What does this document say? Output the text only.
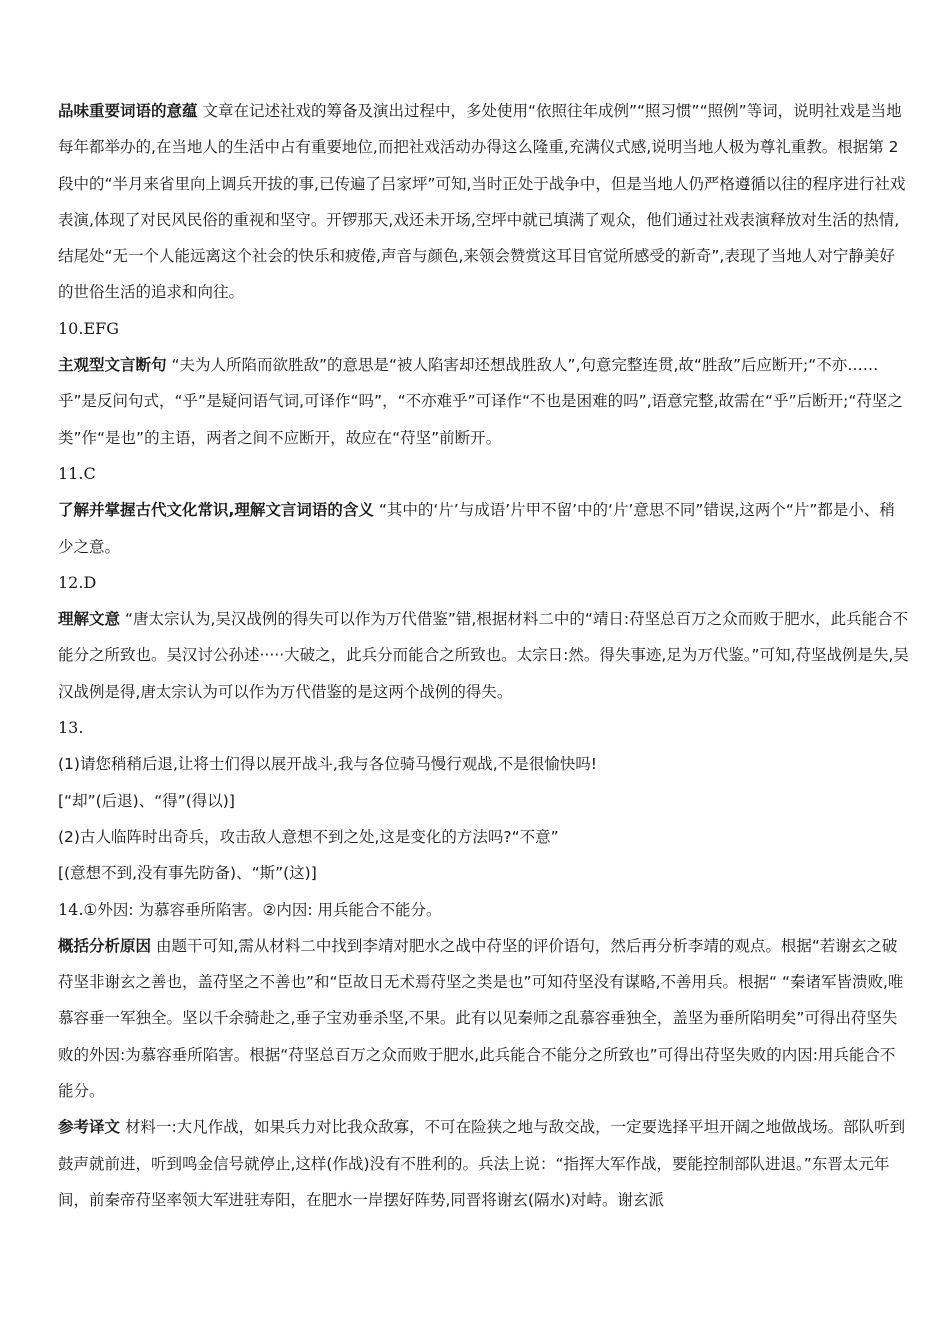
品味重要词语的意蕴 文章在记述社戏的筹备及演出过程中，多处使用“依照往年成例”“照习惯”“照例”等词，说明社戏是当地每年都举办的,在当地人的生活中占有重要地位,而把社戏活动办得这么隆重,充满仪式感,说明当地人极为尊礼重教。根据第 2 段中的“半月来省里向上调兵开拔的事,已传遍了吕家坪”可知,当时正处于战争中，但是当地人仍严格遵循以往的程序进行社戏表演,体现了对民风民俗的重视和坚守。开锣那天,戏还未开场,空坪中就已填满了观众，他们通过社戏表演释放对生活的热情,结尾处“无一个人能远离这个社会的快乐和疲倦,声音与颜色,来领会赞赏这耳目官觉所感受的新奇”,表现了当地人对宁静美好的世俗生活的追求和向往。

10.EFG

主观型文言断句 “夫为人所陷而欲胜敌”的意思是“被人陷害却还想战胜敌人”,句意完整连贯,故“胜敌”后应断开;“不亦……乎”是反问句式，“乎”是疑问语气词,可译作“吗”，“不亦难乎”可译作“不也是困难的吗”,语意完整,故需在“乎”后断开;“苻坚之类”作“是也”的主语，两者之间不应断开，故应在“苻坚”前断开。

11.C

了解并掌握古代文化常识,理解文言词语的含义 “其中的‘片’与成语’片甲不留’中的‘片’意思不同”错误,这两个“片”都是小、稍少之意。

12.D

理解文意 “唐太宗认为,吴汉战例的得失可以作为万代借鉴”错,根据材料二中的“靖日:苻坚总百万之众而败于肥水，此兵能合不能分之所致也。吴汉讨公孙述·····大破之，此兵分而能合之所致也。太宗日:然。得失事迹,足为万代鉴。”可知,苻坚战例是失,吴汉战例是得,唐太宗认为可以作为万代借鉴的是这两个战例的得失。

13.

(1)请您稍稍后退,让将士们得以展开战斗,我与各位骑马慢行观战,不是很愉快吗!

[“却”(后退)、“得”(得以)]

(2)古人临阵时出奇兵，攻击敌人意想不到之处,这是变化的方法吗?“不意”

[(意想不到,没有事先防备)、“斯”(这)]

14.①外因: 为慕容垂所陷害。②内因: 用兵能合不能分。

概括分析原因 由题干可知,需从材料二中找到李靖对肥水之战中苻坚的评价语句，然后再分析李靖的观点。根据“若谢玄之破苻坚非谢玄之善也，盖苻坚之不善也”和“臣故日无术焉苻坚之类是也”可知苻坚没有谋略,不善用兵。根据“ “秦诸军皆溃败,唯慕容垂一军独全。坚以千余骑赴之,垂子宝劝垂杀坚,不果。此有以见秦师之乱慕容垂独全，盖坚为垂所陷明矣”可得出苻坚失败的外因:为慕容垂所陷害。根据“苻坚总百万之众而败于肥水,此兵能合不能分之所致也”可得出苻坚失败的内因:用兵能合不能分。

参考译文 材料一:大凡作战，如果兵力对比我众敌寡，不可在险狭之地与敌交战，一定要选择平坦开阔之地做战场。部队听到鼓声就前进，听到鸣金信号就停止,这样(作战)没有不胜利的。兵法上说：“指挥大军作战，要能控制部队进退。”东晋太元年间，前秦帝苻坚率领大军进驻寿阳，在肥水一岸摆好阵势,同晋将谢玄(隔水)对峙。谢玄派
